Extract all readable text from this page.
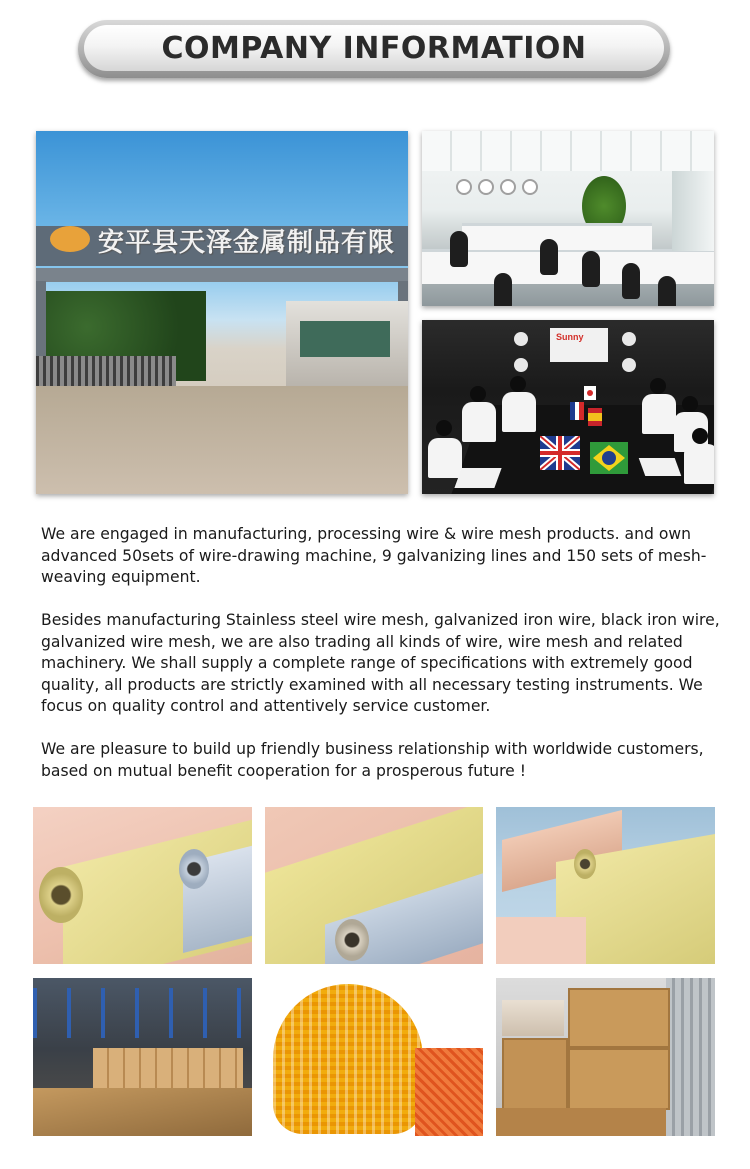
COMPANY INFORMATION
安平县天泽金属制品有限
Sunny

We are engaged in manufacturing, processing wire & wire mesh products. and own advanced 50sets of wire-drawing machine, 9 galvanizing lines and 150 sets of mesh-weaving equipment.

Besides manufacturing Stainless steel wire mesh, galvanized iron wire, black iron wire, galvanized wire mesh, we are also trading all kinds of wire, wire mesh and related machinery. We shall supply a complete range of specifications with extremely good quality, all products are strictly examined with all necessary testing instruments. We focus on quality control and attentively service customer.

We are pleasure to build up friendly business relationship with worldwide customers, based on mutual benefit cooperation for a prosperous future !
